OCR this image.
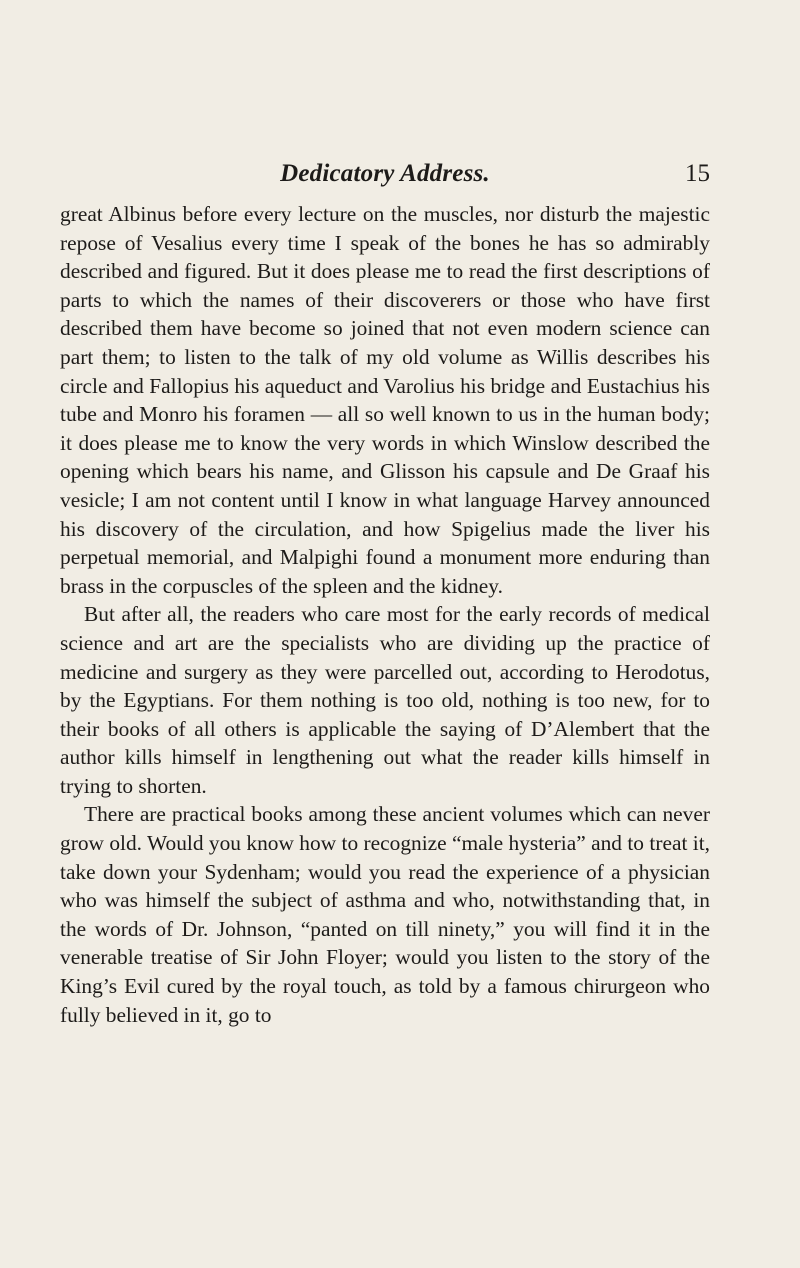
Dedicatory Address.	15

great Albinus before every lecture on the muscles, nor disturb the majestic repose of Vesalius every time I speak of the bones he has so admirably described and figured. But it does please me to read the first descriptions of parts to which the names of their discoverers or those who have first described them have become so joined that not even modern science can part them; to listen to the talk of my old volume as Willis describes his circle and Fallopius his aqueduct and Varolius his bridge and Eustachius his tube and Monro his foramen — all so well known to us in the human body; it does please me to know the very words in which Winslow described the opening which bears his name, and Glisson his capsule and De Graaf his vesicle; I am not content until I know in what language Harvey announced his discovery of the circulation, and how Spigelius made the liver his perpetual memorial, and Malpighi found a monument more enduring than brass in the corpuscles of the spleen and the kidney.

But after all, the readers who care most for the early records of medical science and art are the specialists who are dividing up the practice of medicine and surgery as they were parcelled out, according to Herodotus, by the Egyptians. For them nothing is too old, nothing is too new, for to their books of all others is applicable the saying of D’Alembert that the author kills himself in lengthening out what the reader kills himself in trying to shorten.

There are practical books among these ancient volumes which can never grow old. Would you know how to recognize “male hysteria” and to treat it, take down your Sydenham; would you read the experience of a physician who was himself the subject of asthma and who, notwithstanding that, in the words of Dr. Johnson, “panted on till ninety,” you will find it in the venerable treatise of Sir John Floyer; would you listen to the story of the King’s Evil cured by the royal touch, as told by a famous chirurgeon who fully believed in it, go to
